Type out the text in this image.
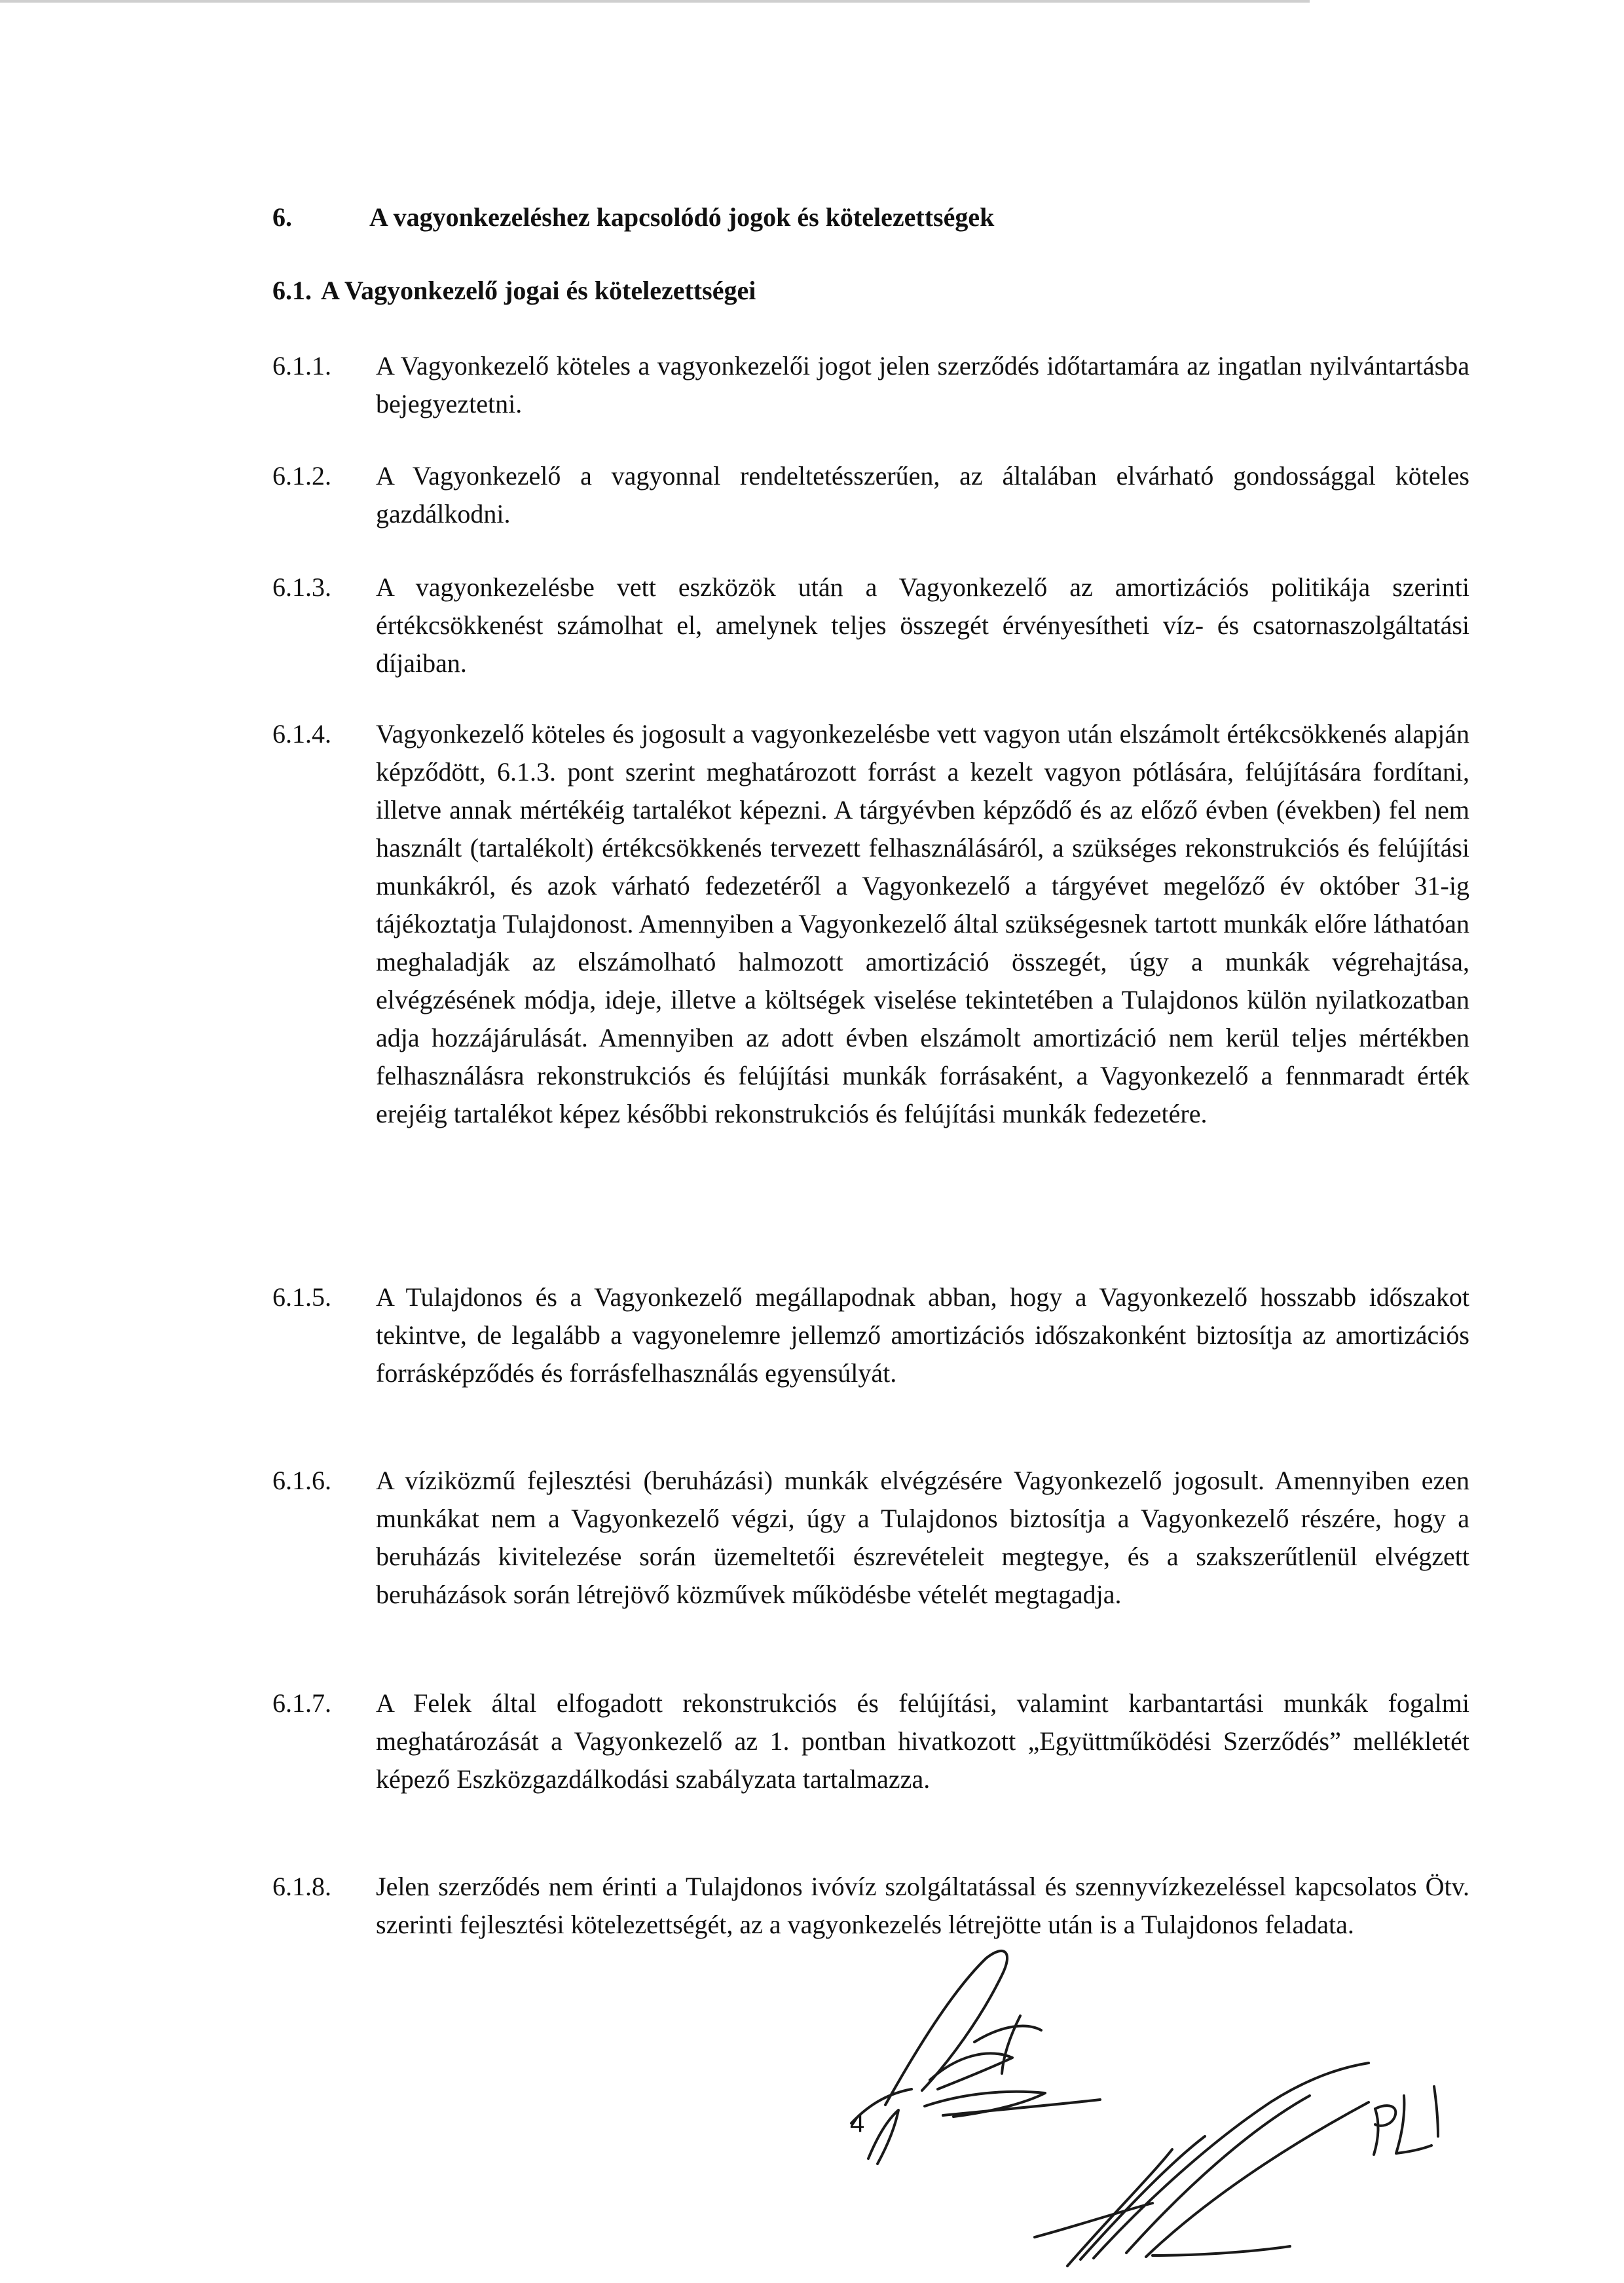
6.	A vagyonkezeléshez kapcsolódó jogok és kötelezettségek
6.1. A Vagyonkezelő jogai és kötelezettségei
6.1.1. A Vagyonkezelő köteles a vagyonkezelői jogot jelen szerződés időtartamára az ingatlan nyilvántartásba bejegyeztetni.

6.1.2. A Vagyonkezelő a vagyonnal rendeltetésszerűen, az általában elvárható gondossággal köteles gazdálkodni.

6.1.3. A vagyonkezelésbe vett eszközök után a Vagyonkezelő az amortizációs politikája szerinti értékcsökkenést számolhat el, amelynek teljes összegét érvényesítheti víz- és csatornaszolgáltatási díjaiban.

6.1.4. Vagyonkezelő köteles és jogosult a vagyonkezelésbe vett vagyon után elszámolt értékcsökkenés alapján képződött, 6.1.3. pont szerint meghatározott forrást a kezelt vagyon pótlására, felújítására fordítani, illetve annak mértékéig tartalékot képezni. A tárgyévben képződő és az előző évben (években) fel nem használt (tartalékolt) értékcsökkenés tervezett felhasználásáról, a szükséges rekonstrukciós és felújítási munkákról, és azok várható fedezetéről a Vagyonkezelő a tárgyévet megelőző év október 31-ig tájékoztatja Tulajdonost. Amennyiben a Vagyonkezelő által szükségesnek tartott munkák előre láthatóan meghaladják az elszámolható halmozott amortizáció összegét, úgy a munkák végrehajtása, elvégzésének módja, ideje, illetve a költségek viselése tekintetében a Tulajdonos külön nyilatkozatban adja hozzájárulását. Amennyiben az adott évben elszámolt amortizáció nem kerül teljes mértékben felhasználásra rekonstrukciós és felújítási munkák forrásaként, a Vagyonkezelő a fennmaradt érték erejéig tartalékot képez későbbi rekonstrukciós és felújítási munkák fedezetére.

6.1.5. A Tulajdonos és a Vagyonkezelő megállapodnak abban, hogy a Vagyonkezelő hosszabb időszakot tekintve, de legalább a vagyonelemre jellemző amortizációs időszakonként biztosítja az amortizációs forrásképződés és forrásfelhasználás egyensúlyát.

6.1.6. A víziközmű fejlesztési (beruházási) munkák elvégzésére Vagyonkezelő jogosult. Amennyiben ezen munkákat nem a Vagyonkezelő végzi, úgy a Tulajdonos biztosítja a Vagyonkezelő részére, hogy a beruházás kivitelezése során üzemeltetői észrevételeit megtegye, és a szakszerűtlenül elvégzett beruházások során létrejövő közművek működésbe vételét megtagadja.

6.1.7. A Felek által elfogadott rekonstrukciós és felújítási, valamint karbantartási munkák fogalmi meghatározását a Vagyonkezelő az 1. pontban hivatkozott „Együttműködési Szerződés” mellékletét képező Eszközgazdálkodási szabályzata tartalmazza.

6.1.8. Jelen szerződés nem érinti a Tulajdonos ivóvíz szolgáltatással és szennyvízkezeléssel kapcsolatos Ötv. szerinti fejlesztési kötelezettségét, az a vagyonkezelés létrejötte után is a Tulajdonos feladata.

4
